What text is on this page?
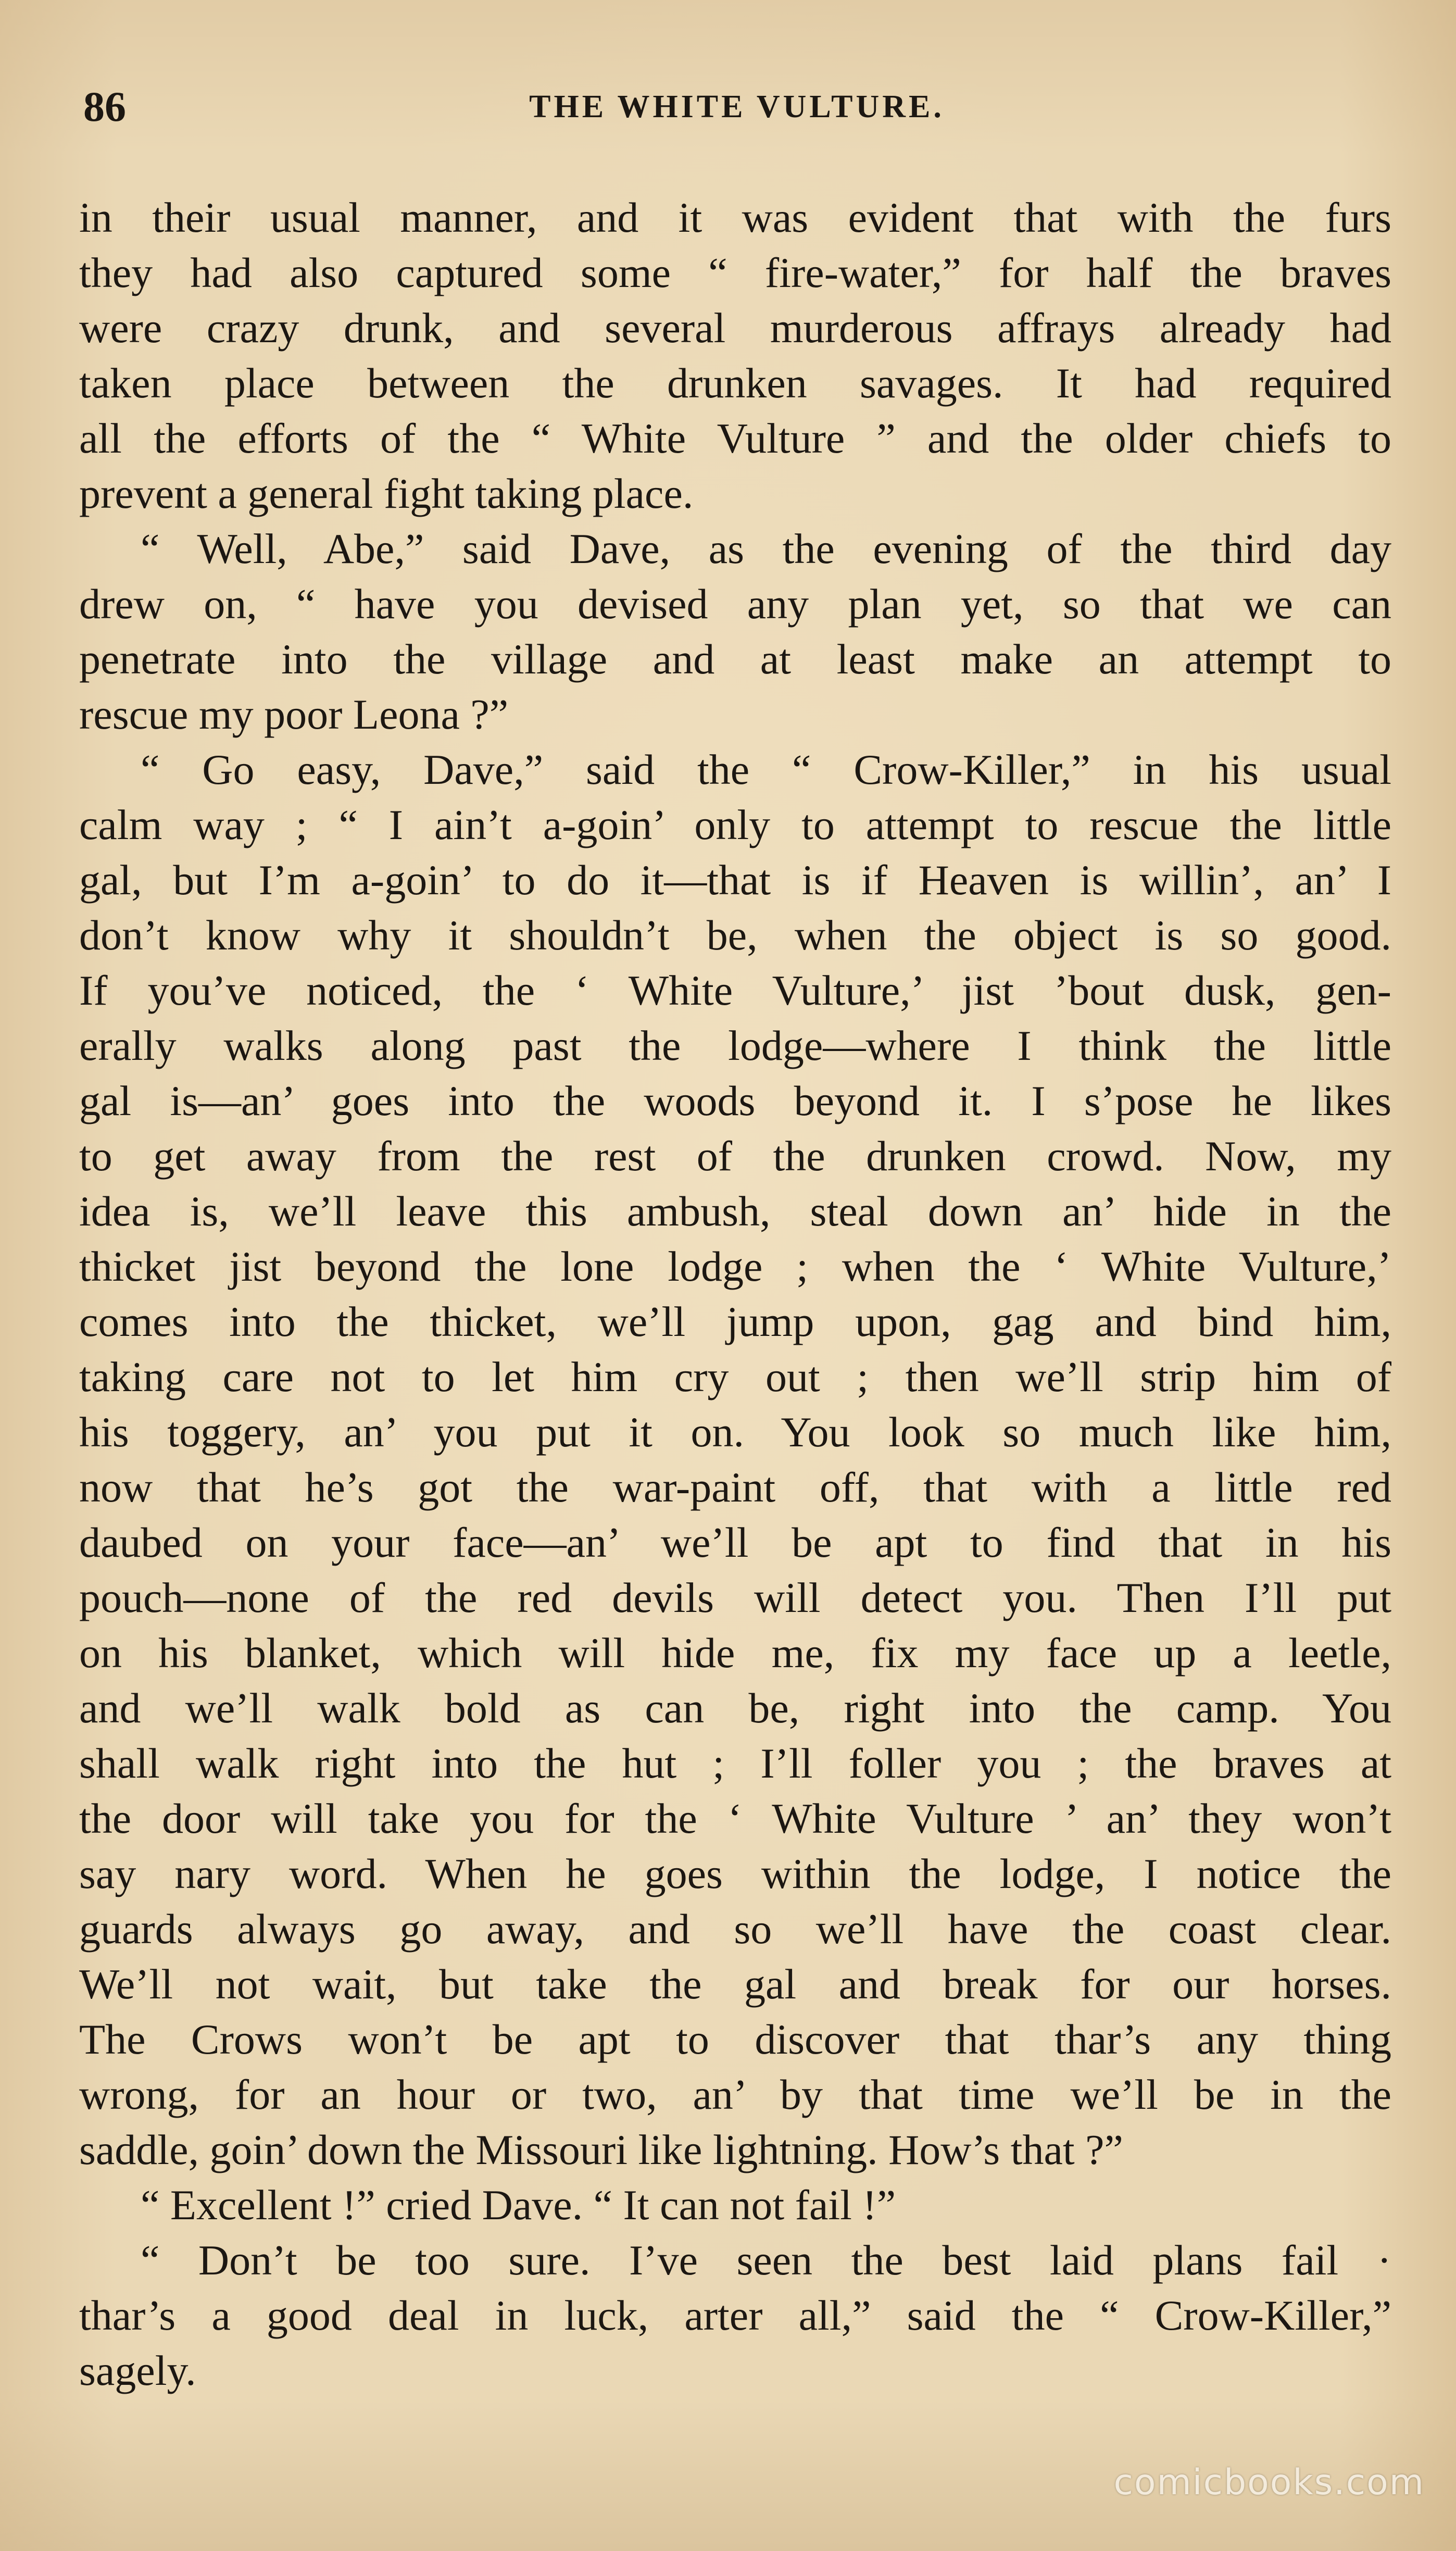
86	THE WHITE VULTURE.
in their usual manner, and it was evident that with the furs
they had also captured some “ fire-water,” for half the braves
were crazy drunk, and several murderous affrays already had
taken place between the drunken savages. It had required
all the efforts of the “ White Vulture ” and the older chiefs to
prevent a general fight taking place.
“ Well, Abe,” said Dave, as the evening of the third day
drew on, “ have you devised any plan yet, so that we can
penetrate into the village and at least make an attempt to
rescue my poor Leona ?”
“ Go easy, Dave,” said the “ Crow-Killer,” in his usual
calm way ; “ I ain’t a-goin’ only to attempt to rescue the little
gal, but I’m a-goin’ to do it—that is if Heaven is willin’, an’ I
don’t know why it shouldn’t be, when the object is so good.
If you’ve noticed, the ‘ White Vulture,’ jist ’bout dusk, gen-
erally walks along past the lodge—where I think the little
gal is—an’ goes into the woods beyond it. I s’pose he likes
to get away from the rest of the drunken crowd. Now, my
idea is, we’ll leave this ambush, steal down an’ hide in the
thicket jist beyond the lone lodge ; when the ‘ White Vulture,’
comes into the thicket, we’ll jump upon, gag and bind him,
taking care not to let him cry out ; then we’ll strip him of
his toggery, an’ you put it on. You look so much like him,
now that he’s got the war-paint off, that with a little red
daubed on your face—an’ we’ll be apt to find that in his
pouch—none of the red devils will detect you. Then I’ll put
on his blanket, which will hide me, fix my face up a leetle,
and we’ll walk bold as can be, right into the camp. You
shall walk right into the hut ; I’ll foller you ; the braves at
the door will take you for the ‘ White Vulture ’ an’ they won’t
say nary word. When he goes within the lodge, I notice the
guards always go away, and so we’ll have the coast clear.
We’ll not wait, but take the gal and break for our horses.
The Crows won’t be apt to discover that thar’s any thing
wrong, for an hour or two, an’ by that time we’ll be in the
saddle, goin’ down the Missouri like lightning. How’s that ?”
“ Excellent !” cried Dave. “ It can not fail !”
“ Don’t be too sure. I’ve seen the best laid plans fail ·
thar’s a good deal in luck, arter all,” said the “ Crow-Killer,”
sagely.
comicbooks.com
